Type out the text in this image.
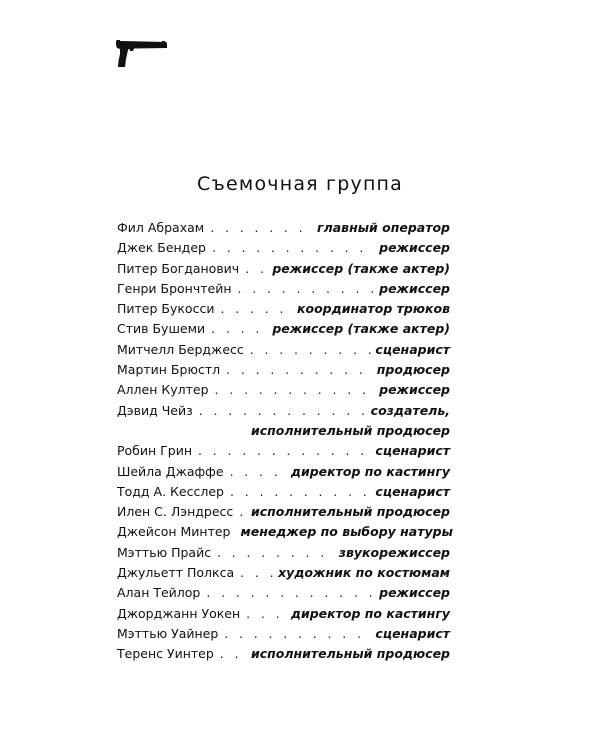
Съемочная группа
Фил Абрахам . . .	главный оператор
Джек Бендер . . .	режиссер
Питер Богданович . . .	режиссер (также актер)
Генри Брончтейн . . .	режиссер
Питер Букосси . . .	координатор трюков
Стив Бушеми . . .	режиссер (также актер)
Митчелл Берджесс . . .	сценарист
Мартин Брюстл . . .	продюсер
Аллен Култер . . .	режиссер
Дэвид Чейз . . .	создатель,
исполнительный продюсер
Робин Грин . . .	сценарист
Шейла Джаффе . . .	директор по кастингу
Тодд А. Кесслер . . .	сценарист
Илен С. Лэндресс . . . исполнительный продюсер
Джейсон Минтер менеджер по выбору натуры
Мэттью Прайс . . .	звукорежиссер
Джульетт Полкса . . .	художник по костюмам
Алан Тейлор . . .	режиссер
Джорджанн Уокен . . .	директор по кастингу
Мэттью Уайнер . . .	сценарист
Теренс Уинтер . . .	исполнительный продюсер
